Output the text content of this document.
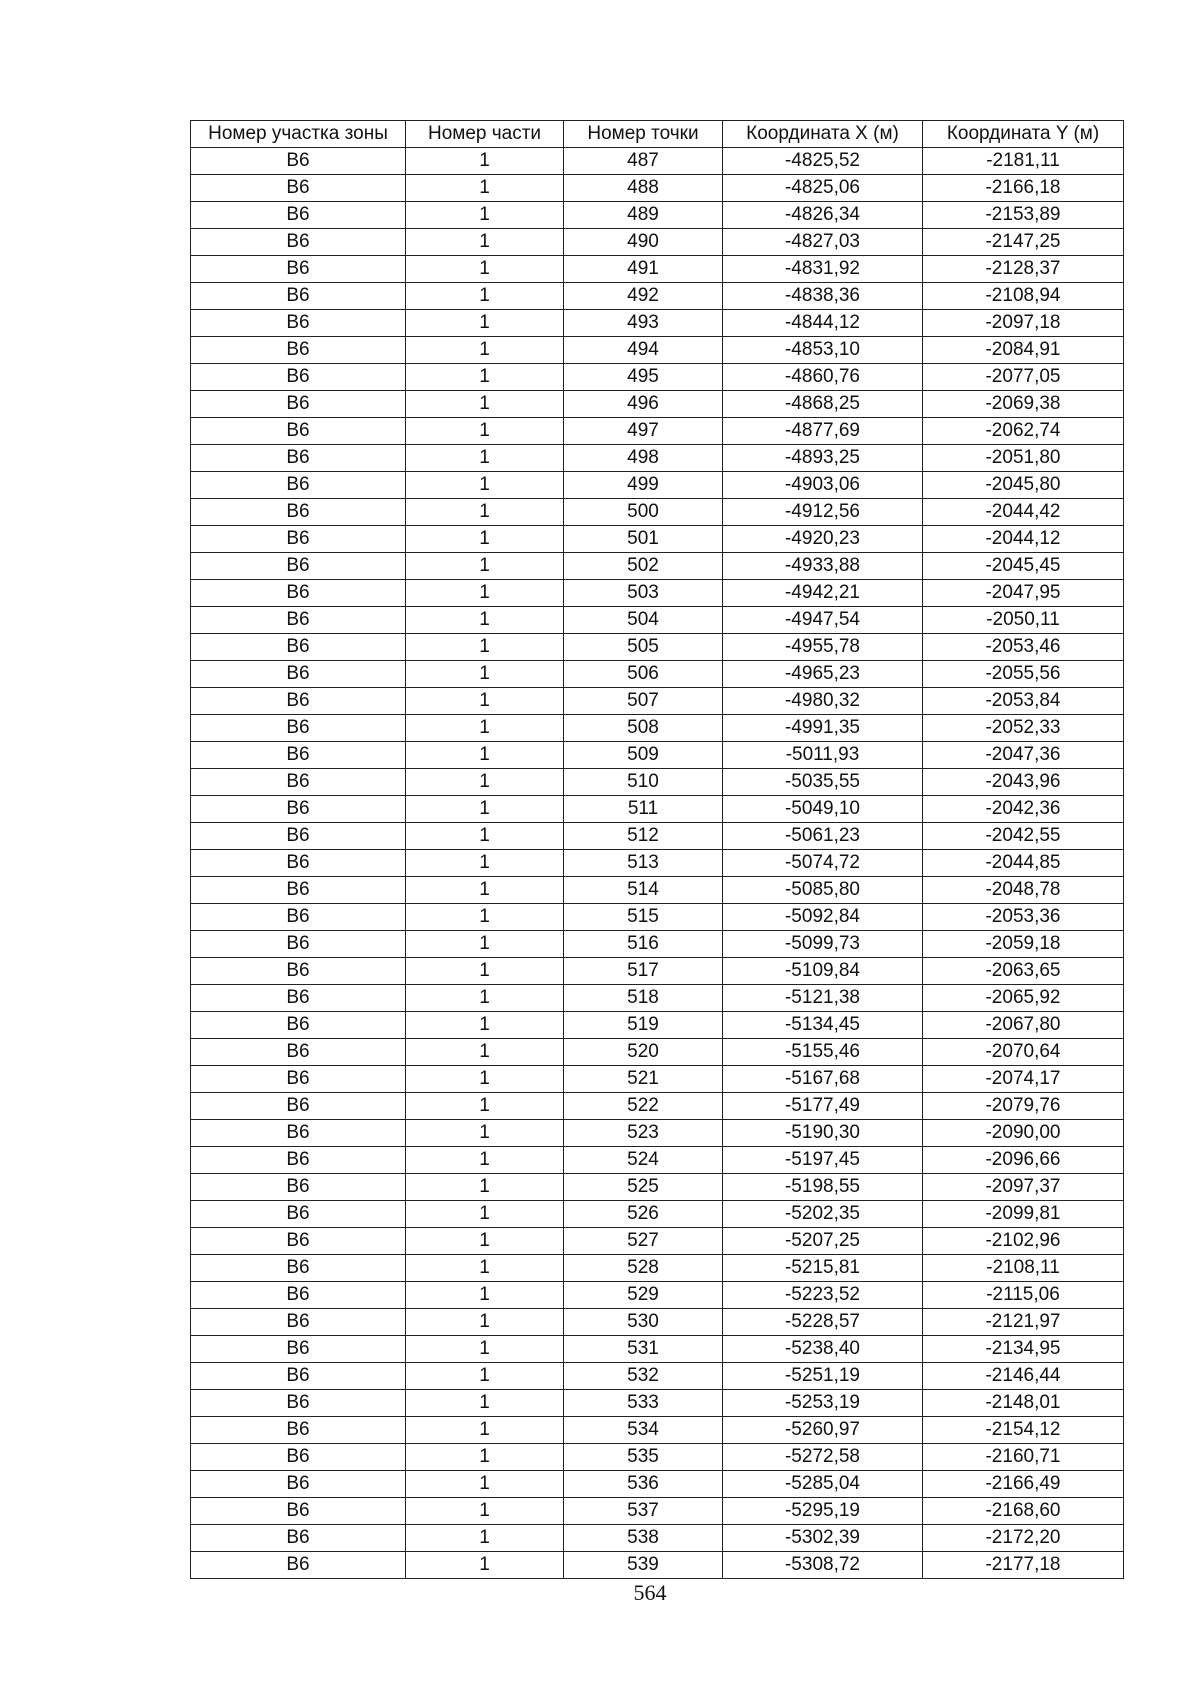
Номер участка зоны	Номер части	Номер точки	Координата X (м)	Координата Y (м)
В6	1	487	-4825,52	-2181,11
В6	1	488	-4825,06	-2166,18
В6	1	489	-4826,34	-2153,89
В6	1	490	-4827,03	-2147,25
В6	1	491	-4831,92	-2128,37
В6	1	492	-4838,36	-2108,94
В6	1	493	-4844,12	-2097,18
В6	1	494	-4853,10	-2084,91
В6	1	495	-4860,76	-2077,05
В6	1	496	-4868,25	-2069,38
В6	1	497	-4877,69	-2062,74
В6	1	498	-4893,25	-2051,80
В6	1	499	-4903,06	-2045,80
В6	1	500	-4912,56	-2044,42
В6	1	501	-4920,23	-2044,12
В6	1	502	-4933,88	-2045,45
В6	1	503	-4942,21	-2047,95
В6	1	504	-4947,54	-2050,11
В6	1	505	-4955,78	-2053,46
В6	1	506	-4965,23	-2055,56
В6	1	507	-4980,32	-2053,84
В6	1	508	-4991,35	-2052,33
В6	1	509	-5011,93	-2047,36
В6	1	510	-5035,55	-2043,96
В6	1	511	-5049,10	-2042,36
В6	1	512	-5061,23	-2042,55
В6	1	513	-5074,72	-2044,85
В6	1	514	-5085,80	-2048,78
В6	1	515	-5092,84	-2053,36
В6	1	516	-5099,73	-2059,18
В6	1	517	-5109,84	-2063,65
В6	1	518	-5121,38	-2065,92
В6	1	519	-5134,45	-2067,80
В6	1	520	-5155,46	-2070,64
В6	1	521	-5167,68	-2074,17
В6	1	522	-5177,49	-2079,76
В6	1	523	-5190,30	-2090,00
В6	1	524	-5197,45	-2096,66
В6	1	525	-5198,55	-2097,37
В6	1	526	-5202,35	-2099,81
В6	1	527	-5207,25	-2102,96
В6	1	528	-5215,81	-2108,11
В6	1	529	-5223,52	-2115,06
В6	1	530	-5228,57	-2121,97
В6	1	531	-5238,40	-2134,95
В6	1	532	-5251,19	-2146,44
В6	1	533	-5253,19	-2148,01
В6	1	534	-5260,97	-2154,12
В6	1	535	-5272,58	-2160,71
В6	1	536	-5285,04	-2166,49
В6	1	537	-5295,19	-2168,60
В6	1	538	-5302,39	-2172,20
В6	1	539	-5308,72	-2177,18
564
